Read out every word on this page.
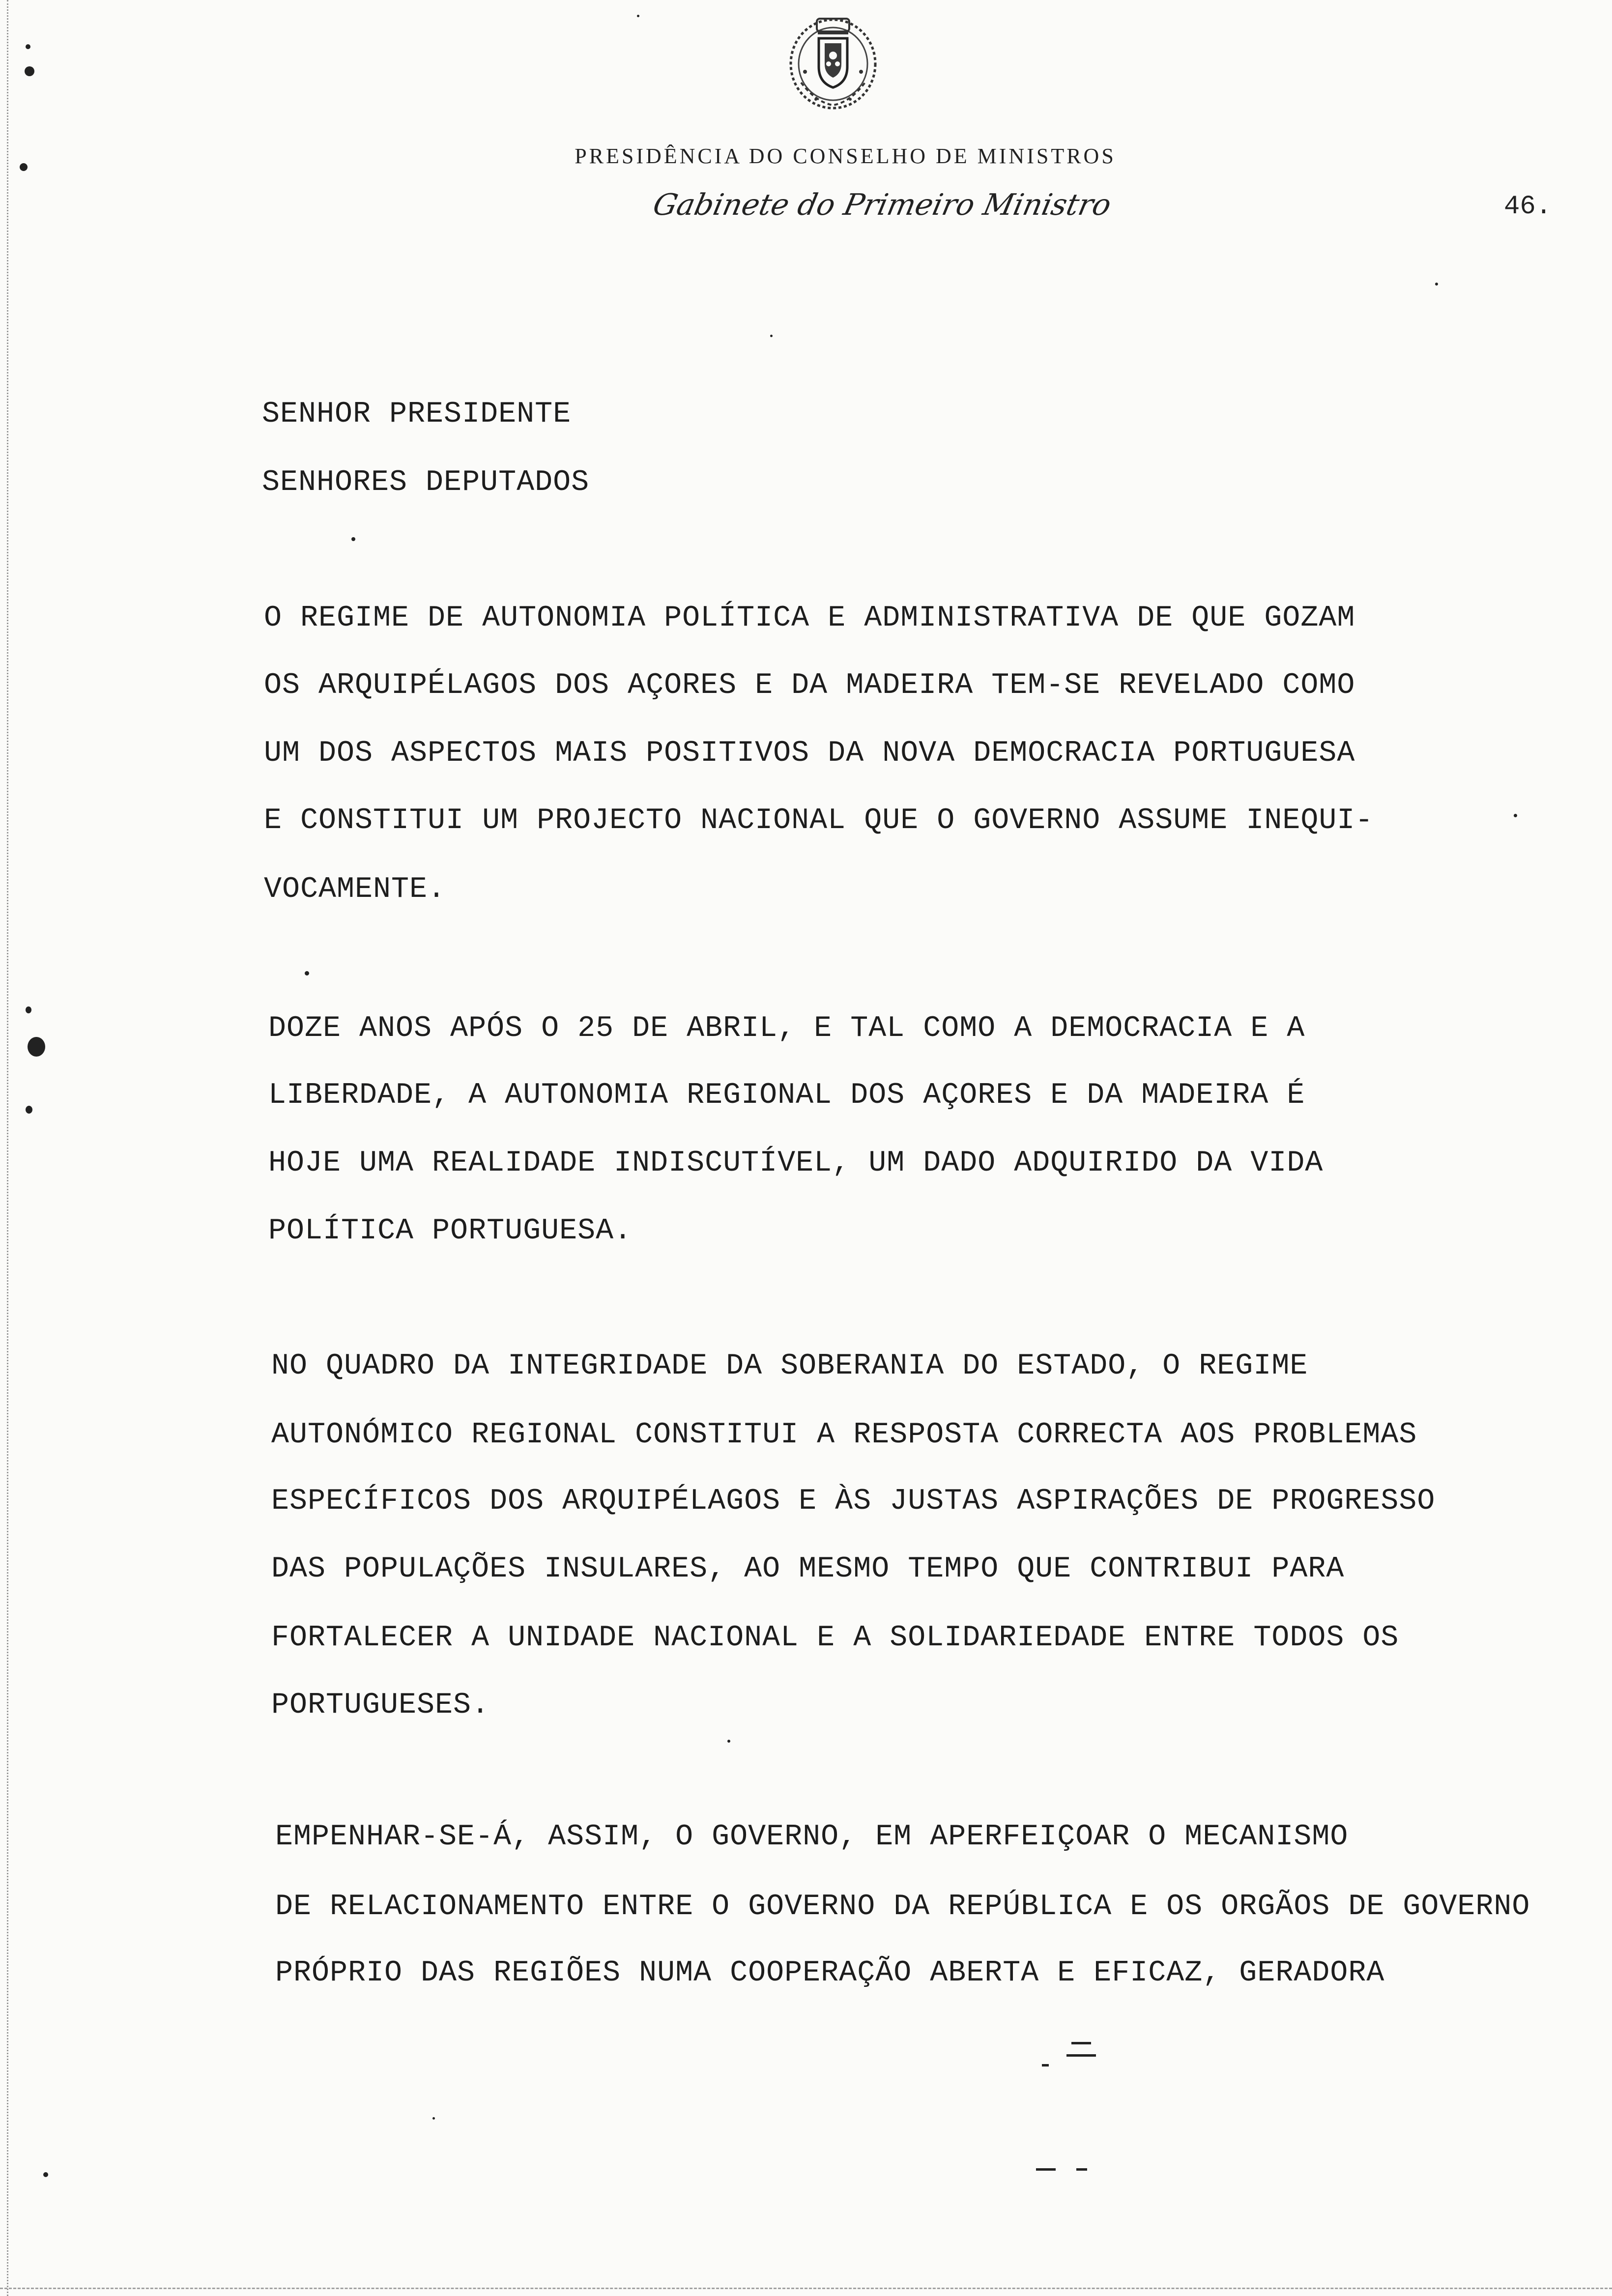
PRESIDÊNCIA DO CONSELHO DE MINISTROS
Gabinete do Primeiro Ministro	46.
SENHOR PRESIDENTE
SENHORES DEPUTADOS
O REGIME DE AUTONOMIA POLÍTICA E ADMINISTRATIVA DE QUE GOZAM
OS ARQUIPÉLAGOS DOS AÇORES E DA MADEIRA TEM-SE REVELADO COMO
UM DOS ASPECTOS MAIS POSITIVOS DA NOVA DEMOCRACIA PORTUGUESA
E CONSTITUI UM PROJECTO NACIONAL QUE O GOVERNO ASSUME INEQUI-
VOCAMENTE.
DOZE ANOS APÓS O 25 DE ABRIL, E TAL COMO A DEMOCRACIA E A
LIBERDADE, A AUTONOMIA REGIONAL DOS AÇORES E DA MADEIRA É
HOJE UMA REALIDADE INDISCUTÍVEL, UM DADO ADQUIRIDO DA VIDA
POLÍTICA PORTUGUESA.
NO QUADRO DA INTEGRIDADE DA SOBERANIA DO ESTADO, O REGIME
AUTONÓMICO REGIONAL CONSTITUI A RESPOSTA CORRECTA AOS PROBLEMAS
ESPECÍFICOS DOS ARQUIPÉLAGOS E ÀS JUSTAS ASPIRAÇÕES DE PROGRESSO
DAS POPULAÇÕES INSULARES, AO MESMO TEMPO QUE CONTRIBUI PARA
FORTALECER A UNIDADE NACIONAL E A SOLIDARIEDADE ENTRE TODOS OS
PORTUGUESES.
EMPENHAR-SE-Á, ASSIM, O GOVERNO, EM APERFEIÇOAR O MECANISMO
DE RELACIONAMENTO ENTRE O GOVERNO DA REPÚBLICA E OS ORGÃOS DE GOVERNO
PRÓPRIO DAS REGIÕES NUMA COOPERAÇÃO ABERTA E EFICAZ, GERADORA
